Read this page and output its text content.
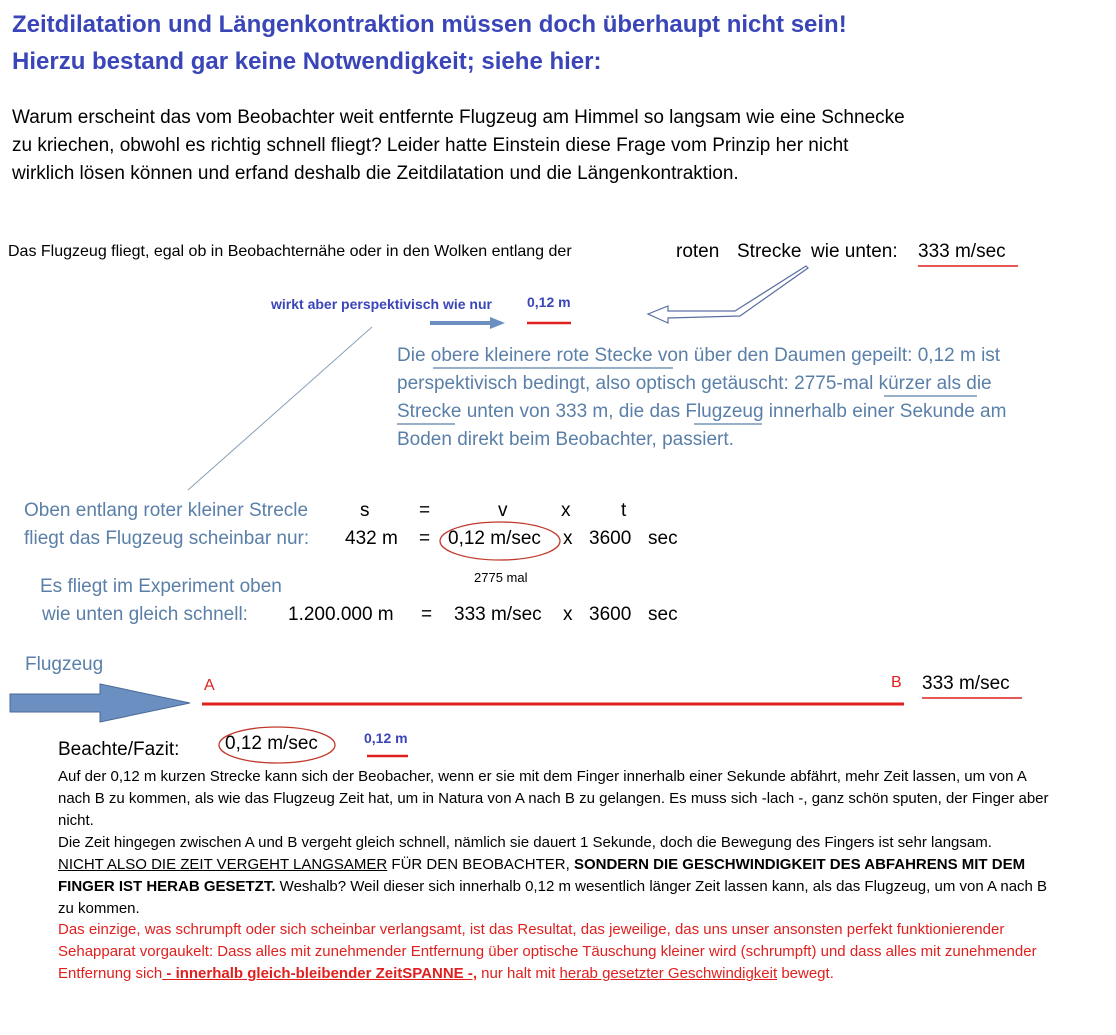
Zeitdilatation und Längenkontraktion müssen doch überhaupt nicht sein!
Hierzu bestand gar keine Notwendigkeit; siehe hier:
Warum erscheint das vom Beobachter weit entfernte Flugzeug am Himmel so langsam wie eine Schnecke zu kriechen, obwohl es richtig schnell fliegt? Leider hatte Einstein diese Frage vom Prinzip her nicht wirklich lösen können und erfand deshalb die Zeitdilatation und die Längenkontraktion.
Das Flugzeug fliegt, egal ob in Beobachternähe oder in den Wolken entlang der	roten Strecke wie unten: 333 m/sec
wirkt aber perspektivisch wie nur	0,12 m
Die obere kleinere rote Stecke von über den Daumen gepeilt: 0,12 m ist perspektivisch bedingt, also optisch getäuscht: 2775-mal kürzer als die Strecke unten von 333 m, die das Flugzeug innerhalb einer Sekunde am Boden direkt beim Beobachter, passiert.
Oben entlang roter kleiner Strecle	s	=	v	x	t
fliegt das Flugzeug scheinbar nur: 432 m = 0,12 m/sec x 3600 sec
2775 mal
Es fliegt im Experiment oben
wie unten gleich schnell: 1.200.000 m = 333 m/sec x 3600 sec
Flugzeug
A	B 333 m/sec
Beachte/Fazit: 0,12 m/sec	0,12 m
Auf der 0,12 m kurzen Strecke kann sich der Beobacher, wenn er sie mit dem Finger innerhalb einer Sekunde abfährt, mehr Zeit lassen, um von A nach B zu kommen, als wie das Flugzeug Zeit hat, um in Natura von A nach B zu gelangen. Es muss sich -lach -, ganz schön sputen, der Finger aber nicht.
Die Zeit hingegen zwischen A und B vergeht gleich schnell, nämlich sie dauert 1 Sekunde, doch die Bewegung des Fingers ist sehr langsam.
NICHT ALSO DIE ZEIT VERGEHT LANGSAMER FÜR DEN BEOBACHTER, SONDERN DIE GESCHWINDIGKEIT DES ABFAHRENS MIT DEM FINGER IST HERAB GESETZT. Weshalb? Weil dieser sich innerhalb 0,12 m wesentlich länger Zeit lassen kann, als das Flugzeug, um von A nach B zu kommen.
Das einzige, was schrumpft oder sich scheinbar verlangsamt, ist das Resultat, das jeweilige, das uns unser ansonsten perfekt funktionierender Sehapparat vorgaukelt: Dass alles mit zunehmender Entfernung über optische Täuschung kleiner wird (schrumpft) und dass alles mit zunehmender Entfernung sich - innerhalb gleich-bleibender ZeitSPANNE -, nur halt mit herab gesetzter Geschwindigkeit bewegt.
